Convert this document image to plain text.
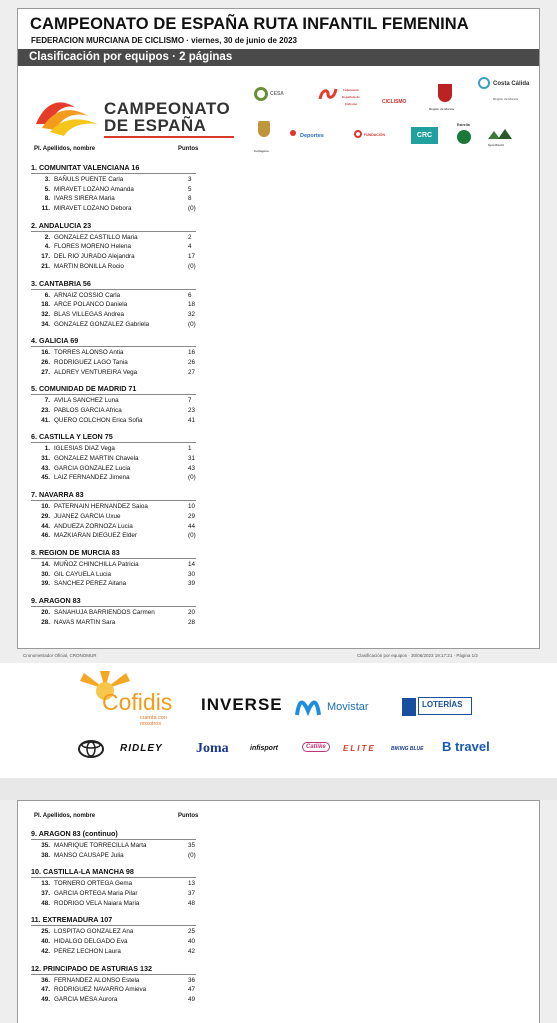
CAMPEONATO DE ESPAÑA RUTA INFANTIL FEMENINA
FEDERACION MURCIANA DE CICLISMO · viernes, 30 de junio de 2023
Clasificación por equipos · 2 páginas
CAMPEONATO
DE ESPAÑA
CESA
Federación Española de Ciclismo	CICLISMO
Región de Murcia
Costa Cálida
Región de Murcia
Cartagena
Deportes	FUNDACIÓN	CRC
Estrella
SportFeeld
Pl. Apellidos, nombre	Puntos
1. COMUNITAT VALENCIANA 16
3. BAÑULS PUENTE Carla	3
5. MIRAVET LOZANO Amanda	5
8. IVARS SIRERA Maria	8
11. MIRAVET LOZANO Debora	(0)
2. ANDALUCIA 23
2. GONZALEZ CASTILLO Maria	2
4. FLORES MORENO Helena	4
17. DEL RIO JURADO Alejandra	17
21. MARTIN BONILLA Rocio	(0)
3. CANTABRIA 56
6. ARNAIZ COSSIO Carla	6
18. ARCE POLANCO Daniela	18
32. BLAS VILLEGAS Andrea	32
34. GONZALEZ GONZALEZ Gabriela	(0)
4. GALICIA 69
16. TORRES ALONSO Antia	16
26. RODRIGUEZ LAGO Tania	26
27. ALDREY VENTUREIRA Vega	27
5. COMUNIDAD DE MADRID 71
7. AVILA SANCHEZ Luna	7
23. PABLOS GARCIA Africa	23
41. QUERO COLCHON Erica Sofia	41
6. CASTILLA Y LEON 75
1. IGLESIAS DIAZ Vega	1
31. GONZALEZ MARTIN Chavela	31
43. GARCIA GONZALEZ Lucia	43
45. LAIZ FERNANDEZ Jimena	(0)
7. NAVARRA 83
10. PATERNAIN HERNANDEZ Saioa	10
29. JUANEZ GARCIA Uxue	29
44. ANDUEZA ZORNOZA Lucia	44
46. MAZKIARAN DIEGUEZ Elder	(0)
8. REGION DE MURCIA 83
14. MUÑOZ CHINCHILLA Patricia	14
30. GIL CAYUELA Lucia	30
39. SANCHEZ PEREZ Aitana	39
9. ARAGON 83
20. SANAHUJA BARRIENDOS Carmen	20
28. NAVAS MARTIN Sara	28
Cronometrador Oficial, CRONOMUR	Clasificación por equipos · 30/06/2023 19:17:21 · Página 1/2
Cofidis
cuenta con nosotros
INVERSE	Movistar	LOTERÍAS
RIDLEY Joma	infisport	Catlike	ELITE	BIKING BLUE B travel
Pl. Apellidos, nombre	Puntos
9. ARAGON 83 (continuo)
35. MANRIQUE TORRECILLA Marta	35
38. MANSO CAUSAPE Julia	(0)
10. CASTILLA-LA MANCHA 98
13. TORNERO ORTEGA Gema	13
37. GARCIA ORTEGA Maria Pilar	37
48. RODRIGO VELA Naiara Maria	48
11. EXTREMADURA 107
25. LOSPITAO GONZALEZ Ana	25
40. HIDALGO DELGADO Eva	40
42. PEREZ LECHON Laura	42
12. PRINCIPADO DE ASTURIAS 132
36. FERNANDEZ ALONSO Estela	36
47. RODRIGUEZ NAVARRO Amieva	47
49. GARCIA MESA Aurora	49
